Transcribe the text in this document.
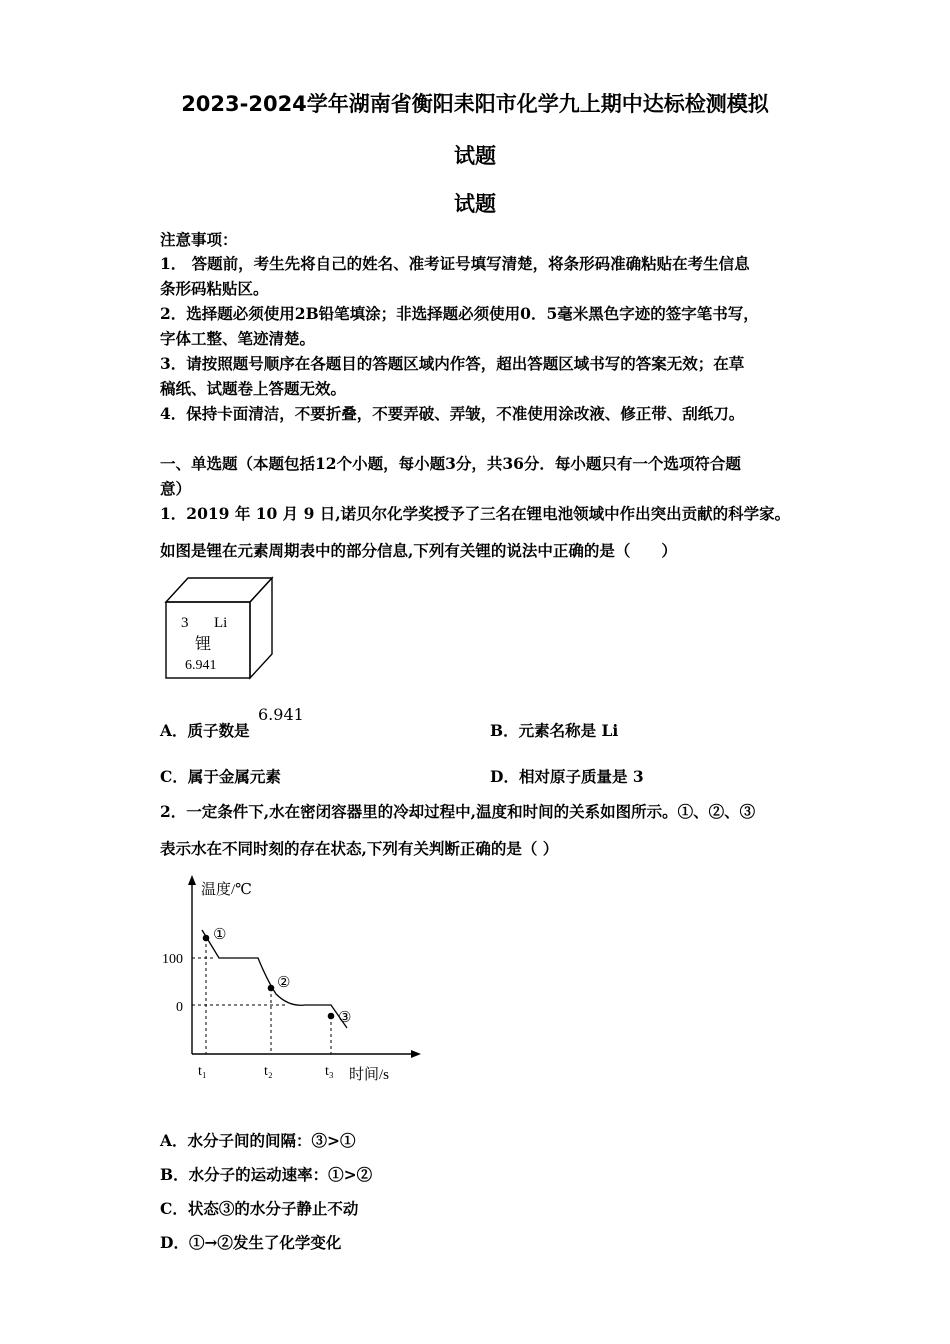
2023-2024学年湖南省衡阳耒阳市化学九上期中达标检测模拟
试题
试题
注意事项：
1． 答题前，考生先将自己的姓名、准考证号填写清楚，将条形码准确粘贴在考生信息
条形码粘贴区。
2．选择题必须使用2B铅笔填涂；非选择题必须使用0．5毫米黑色字迹的签字笔书写，
字体工整、笔迹清楚。
3．请按照题号顺序在各题目的答题区域内作答，超出答题区域书写的答案无效；在草
稿纸、试题卷上答题无效。
4．保持卡面清洁，不要折叠，不要弄破、弄皱，不准使用涂改液、修正带、刮纸刀。
一、单选题（本题包括12个小题，每小题3分，共36分．每小题只有一个选项符合题
意）
1．2019 年 10 月 9 日,诺贝尔化学奖授予了三名在锂电池领域中作出突出贡献的科学家。
如图是锂在元素周期表中的部分信息,下列有关锂的说法中正确的是（　　）
3 Li
锂
6.941
A．质子数是
6.941
B．元素名称是 Li
C．属于金属元素	D．相对原子质量是 3
2．一定条件下,水在密闭容器里的冷却过程中,温度和时间的关系如图所示。①、②、③
表示水在不同时刻的存在状态,下列有关判断正确的是（ ）
温度/℃
时间/s
100
0
t₁	t₂	t₃
①
②
③
A．水分子间的间隔：③>①
B．水分子的运动速率：①>②
C．状态③的水分子静止不动
D．①→②发生了化学变化
